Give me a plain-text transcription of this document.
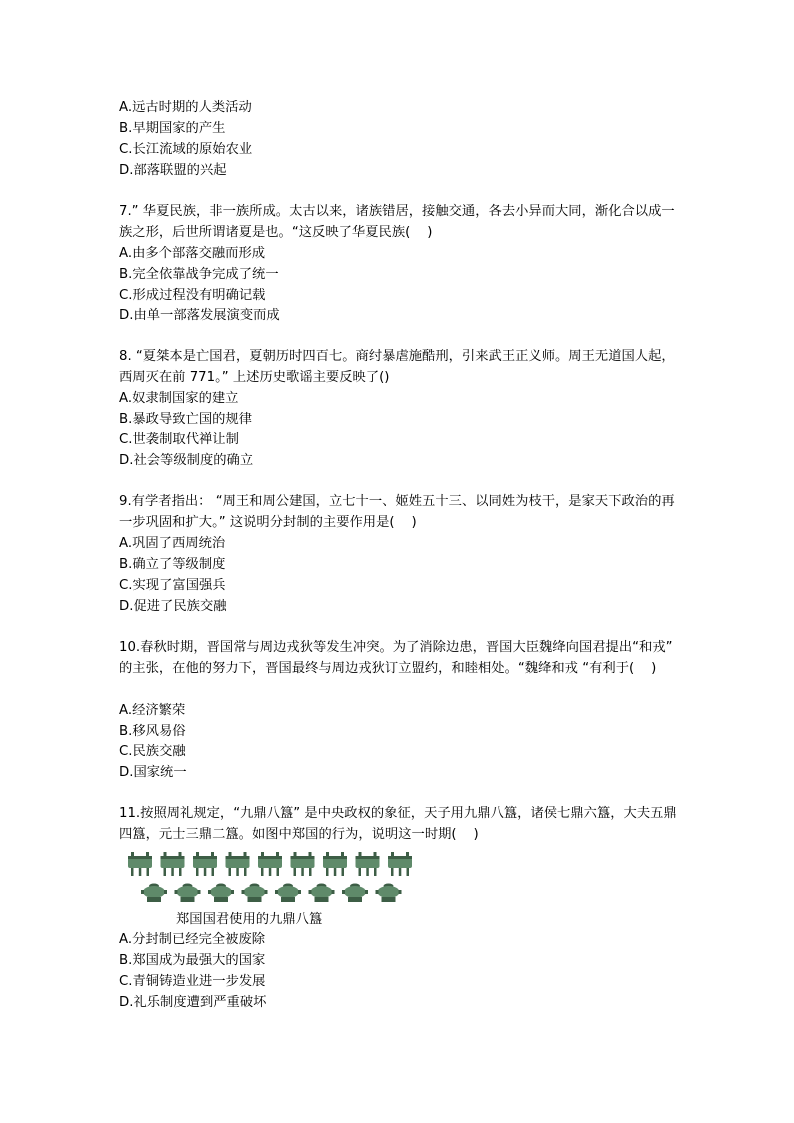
A.远古时期的人类活动
B.早期国家的产生
C.长江流域的原始农业
D.部落联盟的兴起
7.” 华夏民族，非一族所成。太古以来，诸族错居，接触交通，各去小异而大同，渐化合以成一族之形，后世所谓诸夏是也。“这反映了华夏民族(    )
A.由多个部落交融而形成
B.完全依靠战争完成了统一
C.形成过程没有明确记载
D.由单一部落发展演变而成
8. “夏桀本是亡国君，夏朝历时四百七。商纣暴虐施酷刑，引来武王正义师。周王无道国人起，西周灭在前 771。” 上述历史歌谣主要反映了()
A.奴隶制国家的建立
B.暴政导致亡国的规律
C.世袭制取代禅让制
D.社会等级制度的确立
9.有学者指出： “周王和周公建国，立七十一、姬姓五十三、以同姓为枝干，是家天下政治的再一步巩固和扩大。” 这说明分封制的主要作用是(    )
A.巩固了西周统治
B.确立了等级制度
C.实现了富国强兵
D.促进了民族交融
10.春秋时期，晋国常与周边戎狄等发生冲突。为了消除边患，晋国大臣魏绛向国君提出“和戎” 的主张，在他的努力下，晋国最终与周边戎狄订立盟约，和睦相处。“魏绛和戎 “有利于(    )
A.经济繁荣
B.移风易俗
C.民族交融
D.国家统一
11.按照周礼规定，“九鼎八簋” 是中央政权的象征，天子用九鼎八簋，诸侯七鼎六簋，大夫五鼎四簋，元士三鼎二簋。如图中郑国的行为，说明这一时期(    )
郑国国君使用的九鼎八簋
A.分封制已经完全被废除
B.郑国成为最强大的国家
C.青铜铸造业进一步发展
D.礼乐制度遭到严重破坏
